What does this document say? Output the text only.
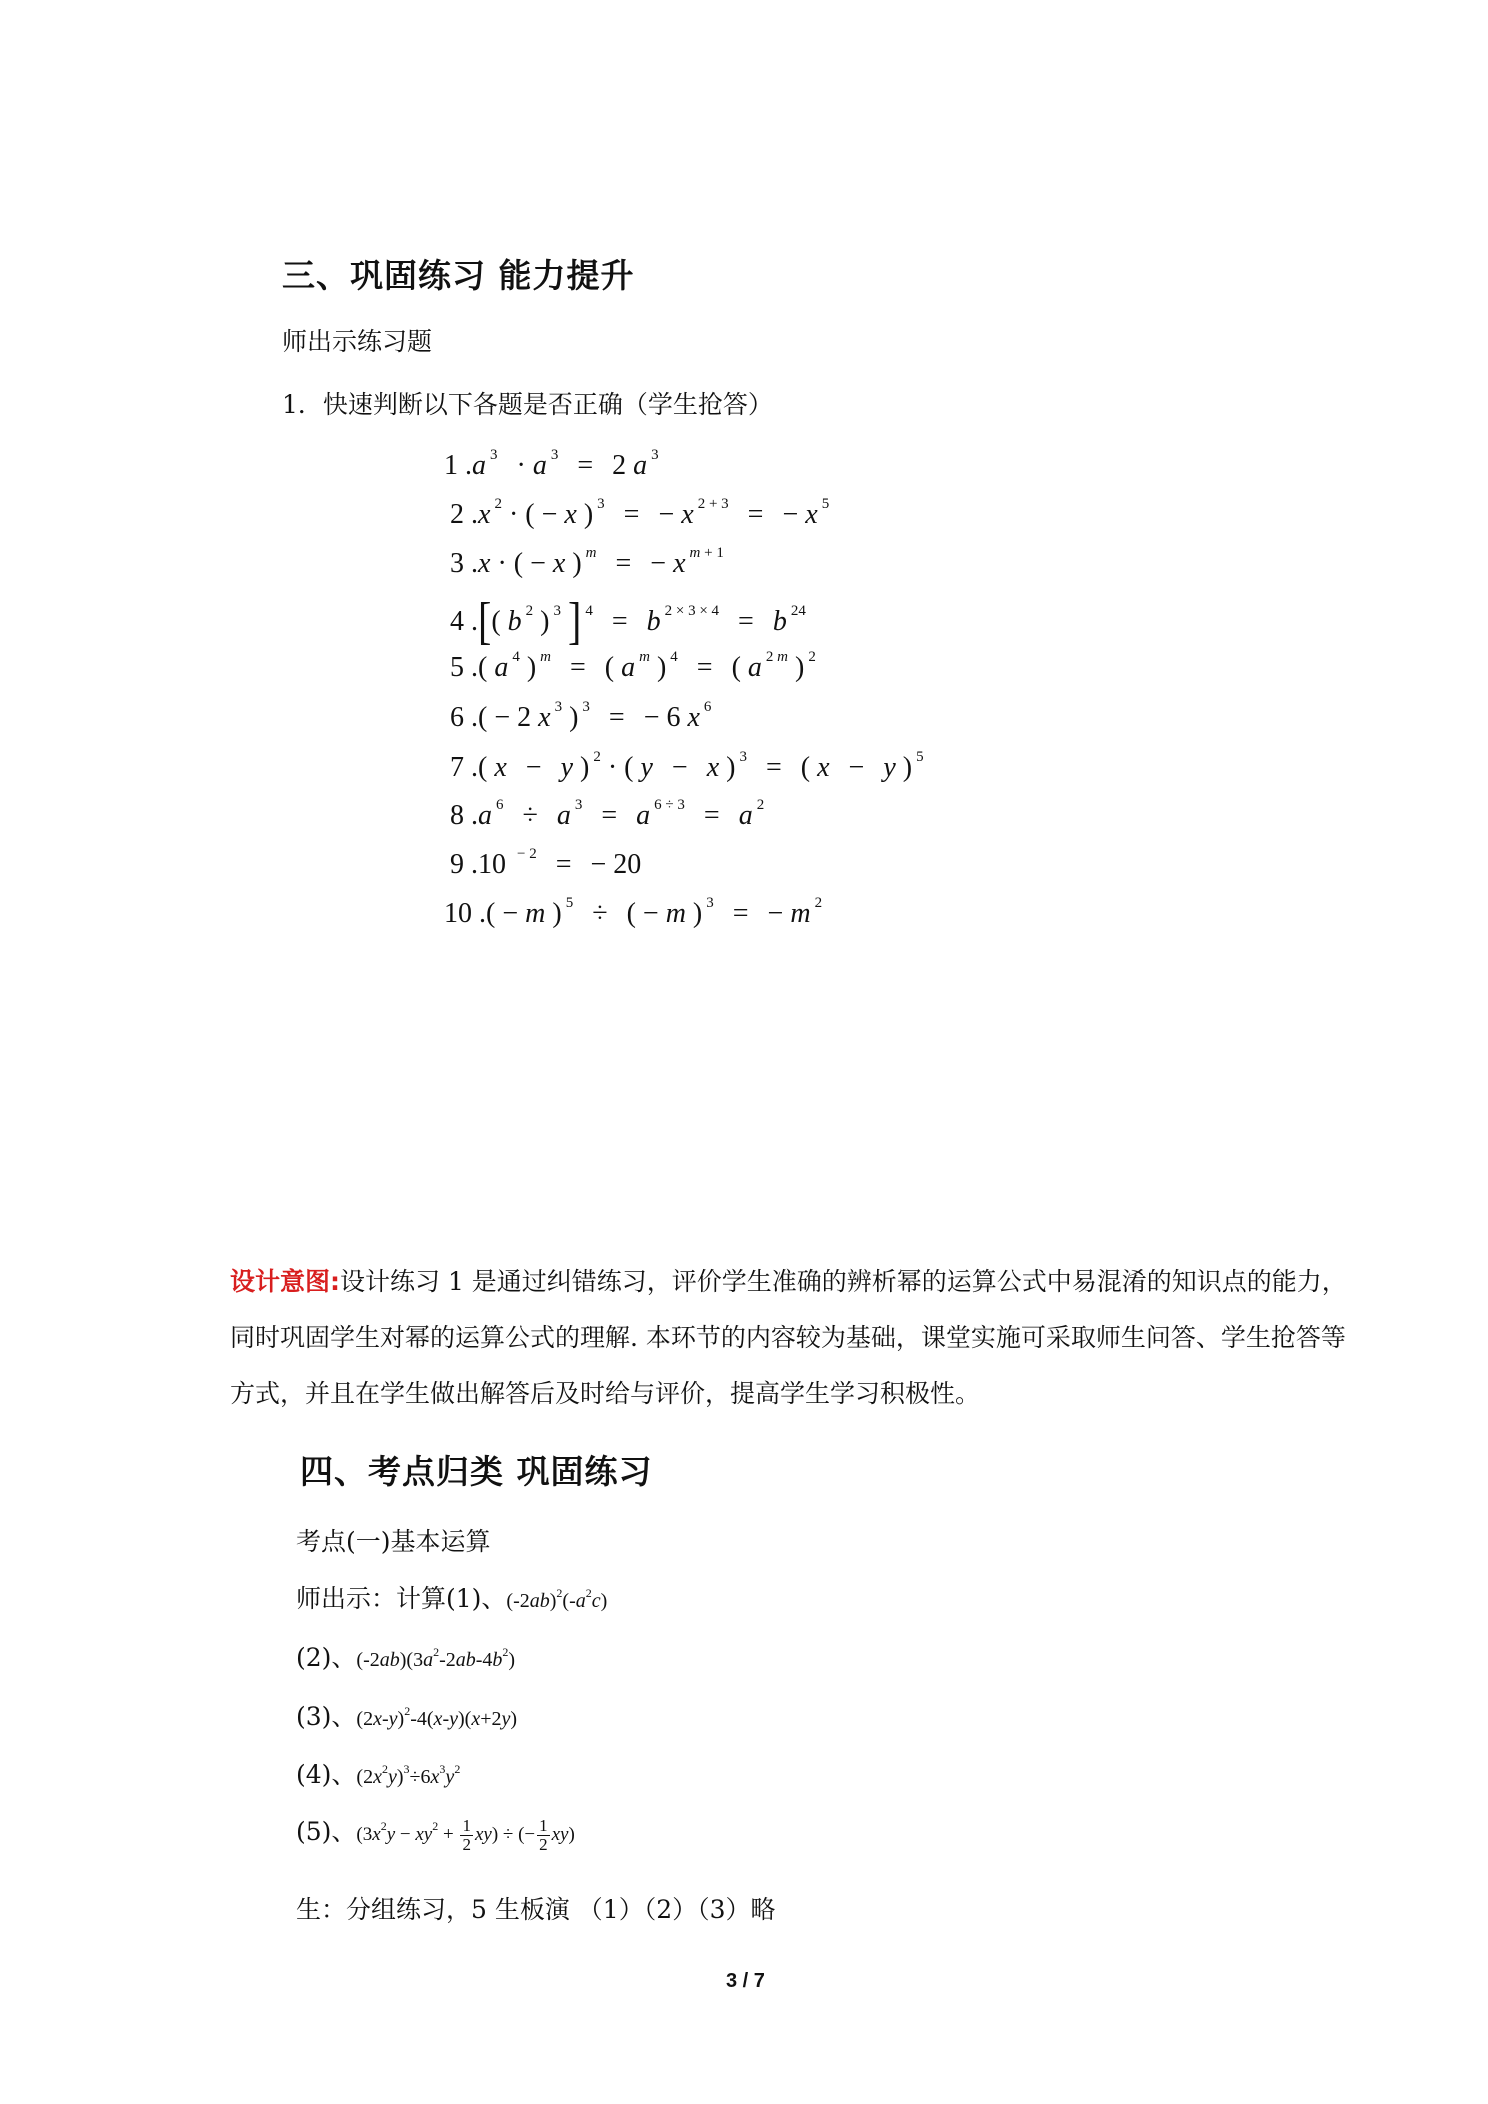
三、巩固练习 能力提升
师出示练习题
1．快速判断以下各题是否正确（学生抢答）
1 .a $^3$ · a $^3$ = 2 a $^3$
2 .x $^2$ · ( − x ) $^3$ = − x $^{2 + 3}$ = − x $^5$
3 .x · ( − x ) $^m$ = − x $^{m + 1}$
4 .[( b $^2$ ) $^3$ ] $^4$ = b $^{2 \times 3 \times 4}$ = b $^{24}$
5 .( a $^4$ ) $^m$ = ( a $^m$ ) $^4$ = ( a $^{2 m}$ ) $^2$
6 .( − 2 x $^3$ ) $^3$ = − 6 x $^6$
7 .( x − y ) $^2$ · ( y − x ) $^3$ = ( x − y ) $^5$
8 .a $^6$ ÷ a $^3$ = a $^{6 \div 3}$ = a $^2$
9 .10 $^{- 2}$ = − 20
10 .( − m ) $^5$ ÷ ( − m ) $^3$ = − m $^2$
设计意图:设计练习 1 是通过纠错练习，评价学生准确的辨析幂的运算公式中易混淆的知识点的能力，同时巩固学生对幂的运算公式的理解. 本环节的内容较为基础，课堂实施可采取师生问答、学生抢答等方式，并且在学生做出解答后及时给与评价，提高学生学习积极性。
四、考点归类 巩固练习
考点(一)基本运算
师出示：计算(1)、$(-2ab)^2(-a^2c)$
(2)、$(-2ab)(3a^2-2ab-4b^2)$
(3)、$(2x-y)^2-4(x-y)(x+2y)$
(4)、$(2x^2y)^3\div 6x^3y^2$
(5)、$(3x^2y - xy^2 + \frac{1}{2} xy)$ ÷ (− $\frac{1}{2} xy$)
生：分组练习，5 生板演 （1）（2）（3）略
3 / 7
